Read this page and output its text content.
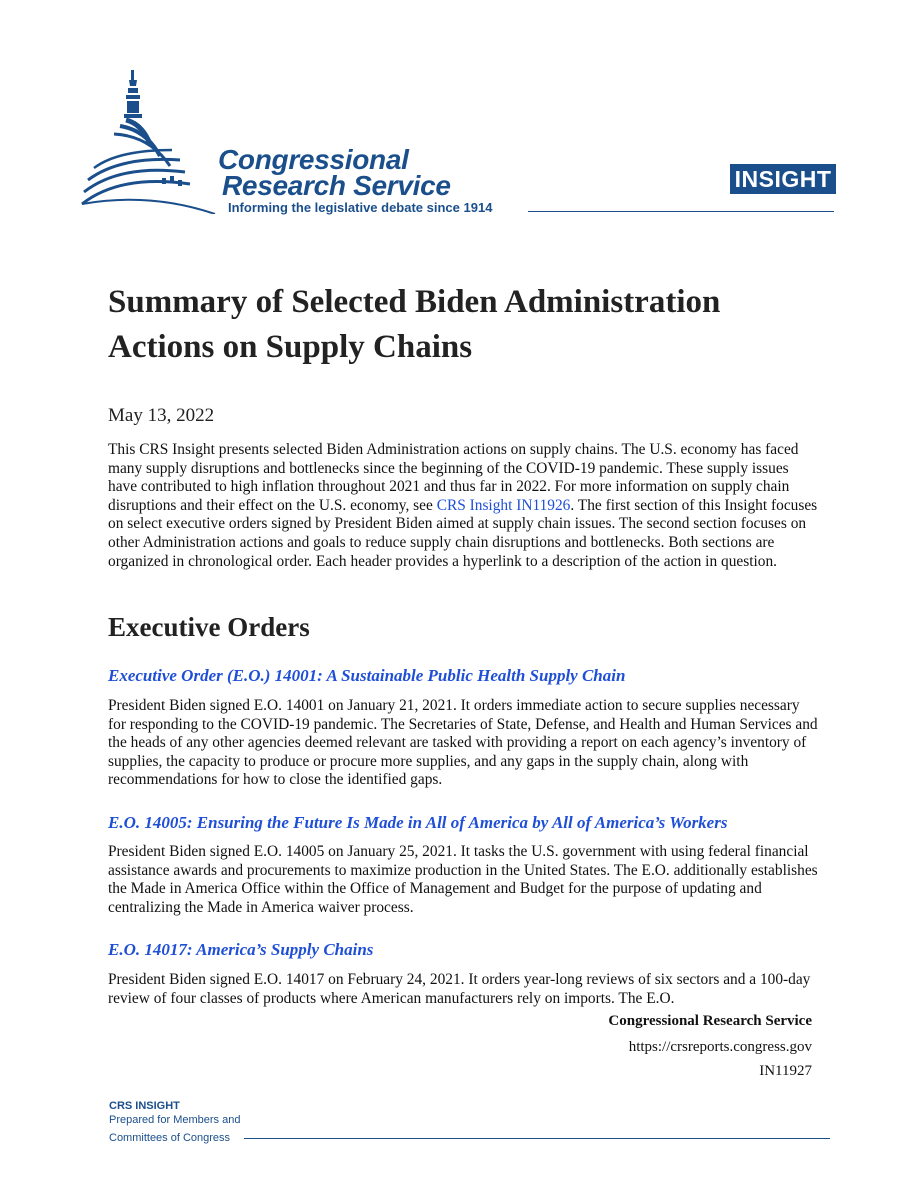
Congressional
Research Service
Informing the legislative debate since 1914
INSIGHT
Summary of Selected Biden Administration Actions on Supply Chains
May 13, 2022

This CRS Insight presents selected Biden Administration actions on supply chains. The U.S. economy has faced many supply disruptions and bottlenecks since the beginning of the COVID-19 pandemic. These supply issues have contributed to high inflation throughout 2021 and thus far in 2022. For more information on supply chain disruptions and their effect on the U.S. economy, see CRS Insight IN11926. The first section of this Insight focuses on select executive orders signed by President Biden aimed at supply chain issues. The second section focuses on other Administration actions and goals to reduce supply chain disruptions and bottlenecks. Both sections are organized in chronological order. Each header provides a hyperlink to a description of the action in question.

Executive Orders

Executive Order (E.O.) 14001: A Sustainable Public Health Supply Chain

President Biden signed E.O. 14001 on January 21, 2021. It orders immediate action to secure supplies necessary for responding to the COVID-19 pandemic. The Secretaries of State, Defense, and Health and Human Services and the heads of any other agencies deemed relevant are tasked with providing a report on each agency’s inventory of supplies, the capacity to produce or procure more supplies, and any gaps in the supply chain, along with recommendations for how to close the identified gaps.

E.O. 14005: Ensuring the Future Is Made in All of America by All of America’s Workers

President Biden signed E.O. 14005 on January 25, 2021. It tasks the U.S. government with using federal financial assistance awards and procurements to maximize production in the United States. The E.O. additionally establishes the Made in America Office within the Office of Management and Budget for the purpose of updating and centralizing the Made in America waiver process.

E.O. 14017: America’s Supply Chains

President Biden signed E.O. 14017 on February 24, 2021. It orders year-long reviews of six sectors and a 100-day review of four classes of products where American manufacturers rely on imports. The E.O.

Congressional Research Service
https://crsreports.congress.gov
IN11927
CRS INSIGHT
Prepared for Members and
Committees of Congress
